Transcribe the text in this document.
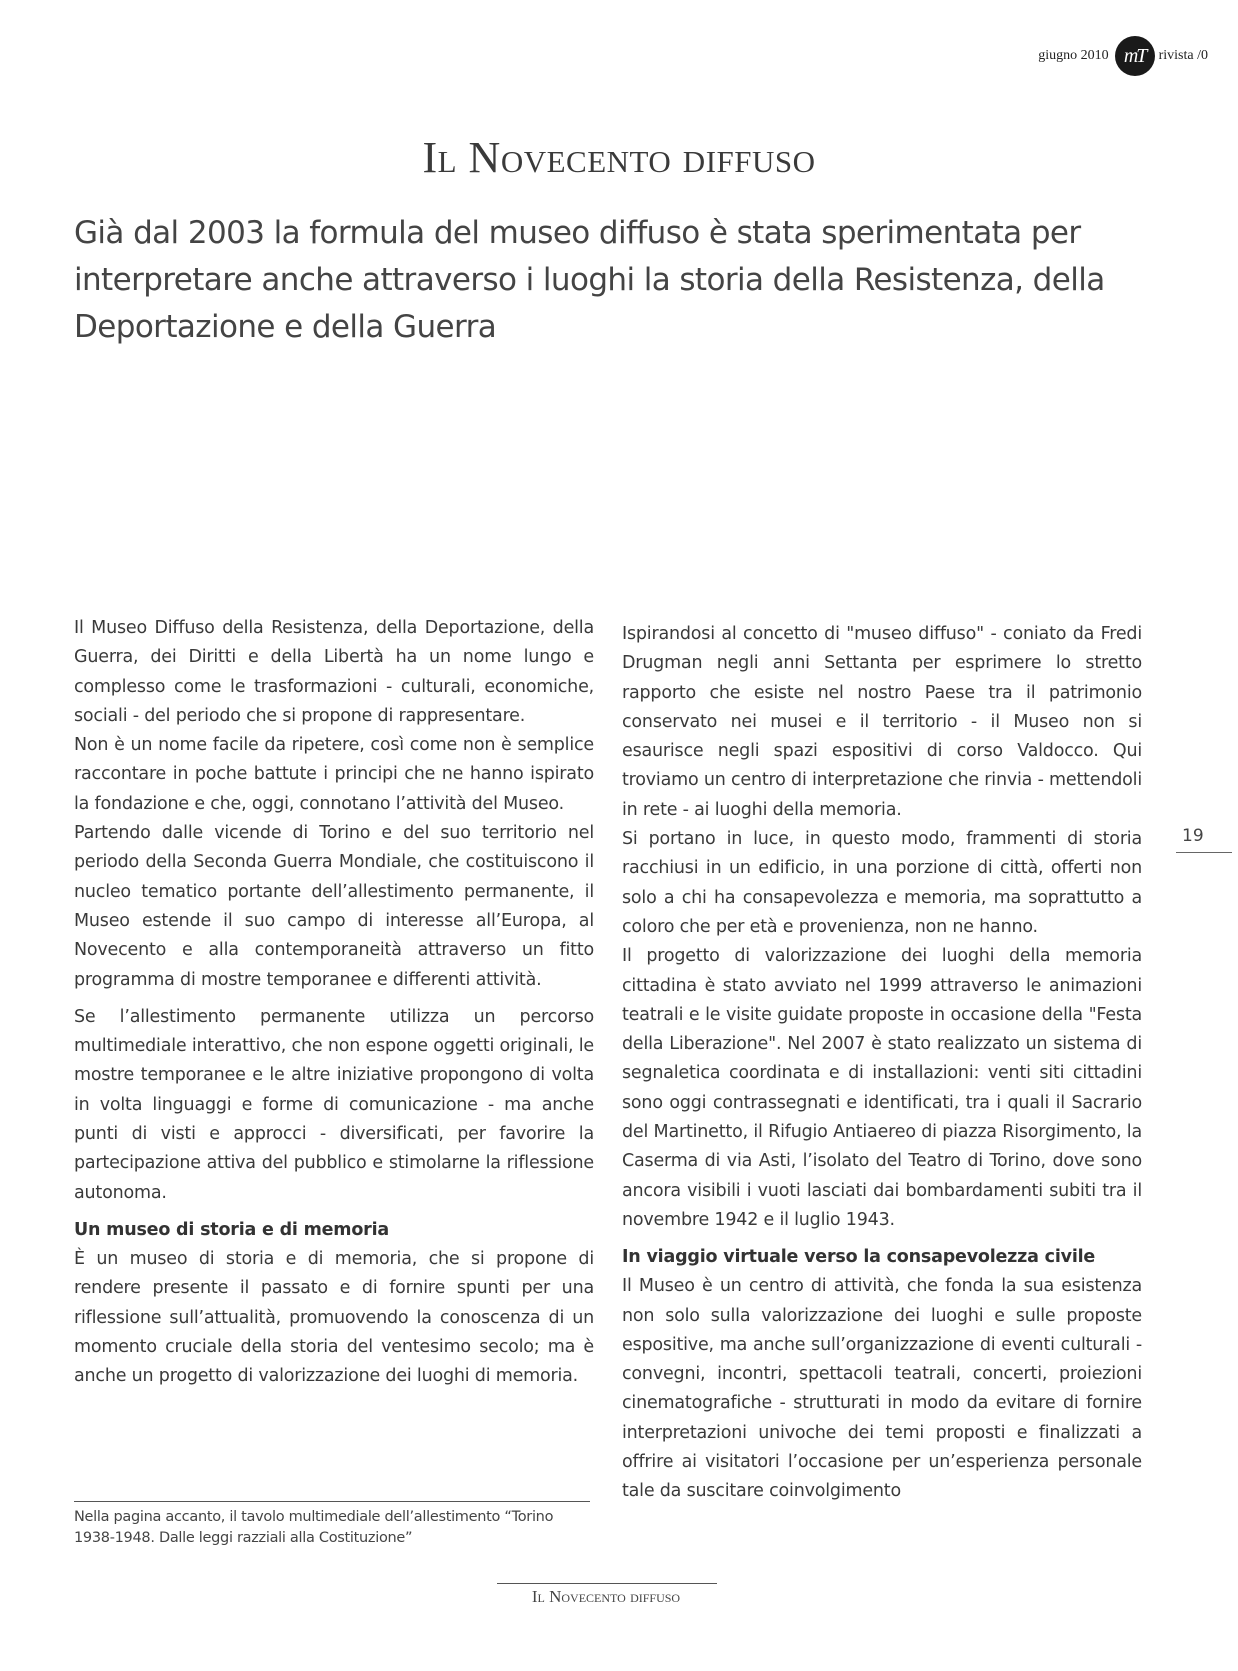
giugno 2010 mT rivista /0
Il Novecento diffuso
Già dal 2003 la formula del museo diffuso è stata sperimentata per interpretare anche attraverso i luoghi la storia della Resistenza, della Deportazione e della Guerra

Il Museo Diffuso della Resistenza, della Deportazione, della Guerra, dei Diritti e della Libertà ha un nome lungo e complesso come le trasformazioni - culturali, economiche, sociali - del periodo che si propone di rappresentare.

Non è un nome facile da ripetere, così come non è semplice raccontare in poche battute i principi che ne hanno ispirato la fondazione e che, oggi, connotano l’attività del Museo.

Partendo dalle vicende di Torino e del suo territorio nel periodo della Seconda Guerra Mondiale, che costituiscono il nucleo tematico portante dell’allestimento permanente, il Museo estende il suo campo di interesse all’Europa, al Novecento e alla contemporaneità attraverso un fitto programma di mostre temporanee e differenti attività.

Se l’allestimento permanente utilizza un percorso multimediale interattivo, che non espone oggetti originali, le mostre temporanee e le altre iniziative propongono di volta in volta linguaggi e forme di comunicazione - ma anche punti di visti e approcci - diversificati, per favorire la partecipazione attiva del pubblico e stimolarne la riflessione autonoma.

Un museo di storia e di memoria

È un museo di storia e di memoria, che si propone di rendere presente il passato e di fornire spunti per una riflessione sull’attualità, promuovendo la conoscenza di un momento cruciale della storia del ventesimo secolo; ma è anche un progetto di valorizzazione dei luoghi di memoria.

Nella pagina accanto, il tavolo multimediale dell’allestimento “Torino 1938-1948. Dalle leggi razziali alla Costituzione”

Ispirandosi al concetto di "museo diffuso" - coniato da Fredi Drugman negli anni Settanta per esprimere lo stretto rapporto che esiste nel nostro Paese tra il patrimonio conservato nei musei e il territorio - il Museo non si esaurisce negli spazi espositivi di corso Valdocco. Qui troviamo un centro di interpretazione che rinvia - mettendoli in rete - ai luoghi della memoria.

Si portano in luce, in questo modo, frammenti di storia racchiusi in un edificio, in una porzione di città, offerti non solo a chi ha consapevolezza e memoria, ma soprattutto a coloro che per età e provenienza, non ne hanno.

Il progetto di valorizzazione dei luoghi della memoria cittadina è stato avviato nel 1999 attraverso le animazioni teatrali e le visite guidate proposte in occasione della "Festa della Liberazione". Nel 2007 è stato realizzato un sistema di segnaletica coordinata e di installazioni: venti siti cittadini sono oggi contrassegnati e identificati, tra i quali il Sacrario del Martinetto, il Rifugio Antiaereo di piazza Risorgimento, la Caserma di via Asti, l’isolato del Teatro di Torino, dove sono ancora visibili i vuoti lasciati dai bombardamenti subiti tra il novembre 1942 e il luglio 1943.

In viaggio virtuale verso la consapevolezza civile

Il Museo è un centro di attività, che fonda la sua esistenza non solo sulla valorizzazione dei luoghi e sulle proposte espositive, ma anche sull’organizzazione di eventi culturali - convegni, incontri, spettacoli teatrali, concerti, proiezioni cinematografiche - strutturati in modo da evitare di fornire interpretazioni univoche dei temi proposti e finalizzati a offrire ai visitatori l’occasione per un’esperienza personale tale da suscitare coinvolgimento

19
Il Novecento diffuso
